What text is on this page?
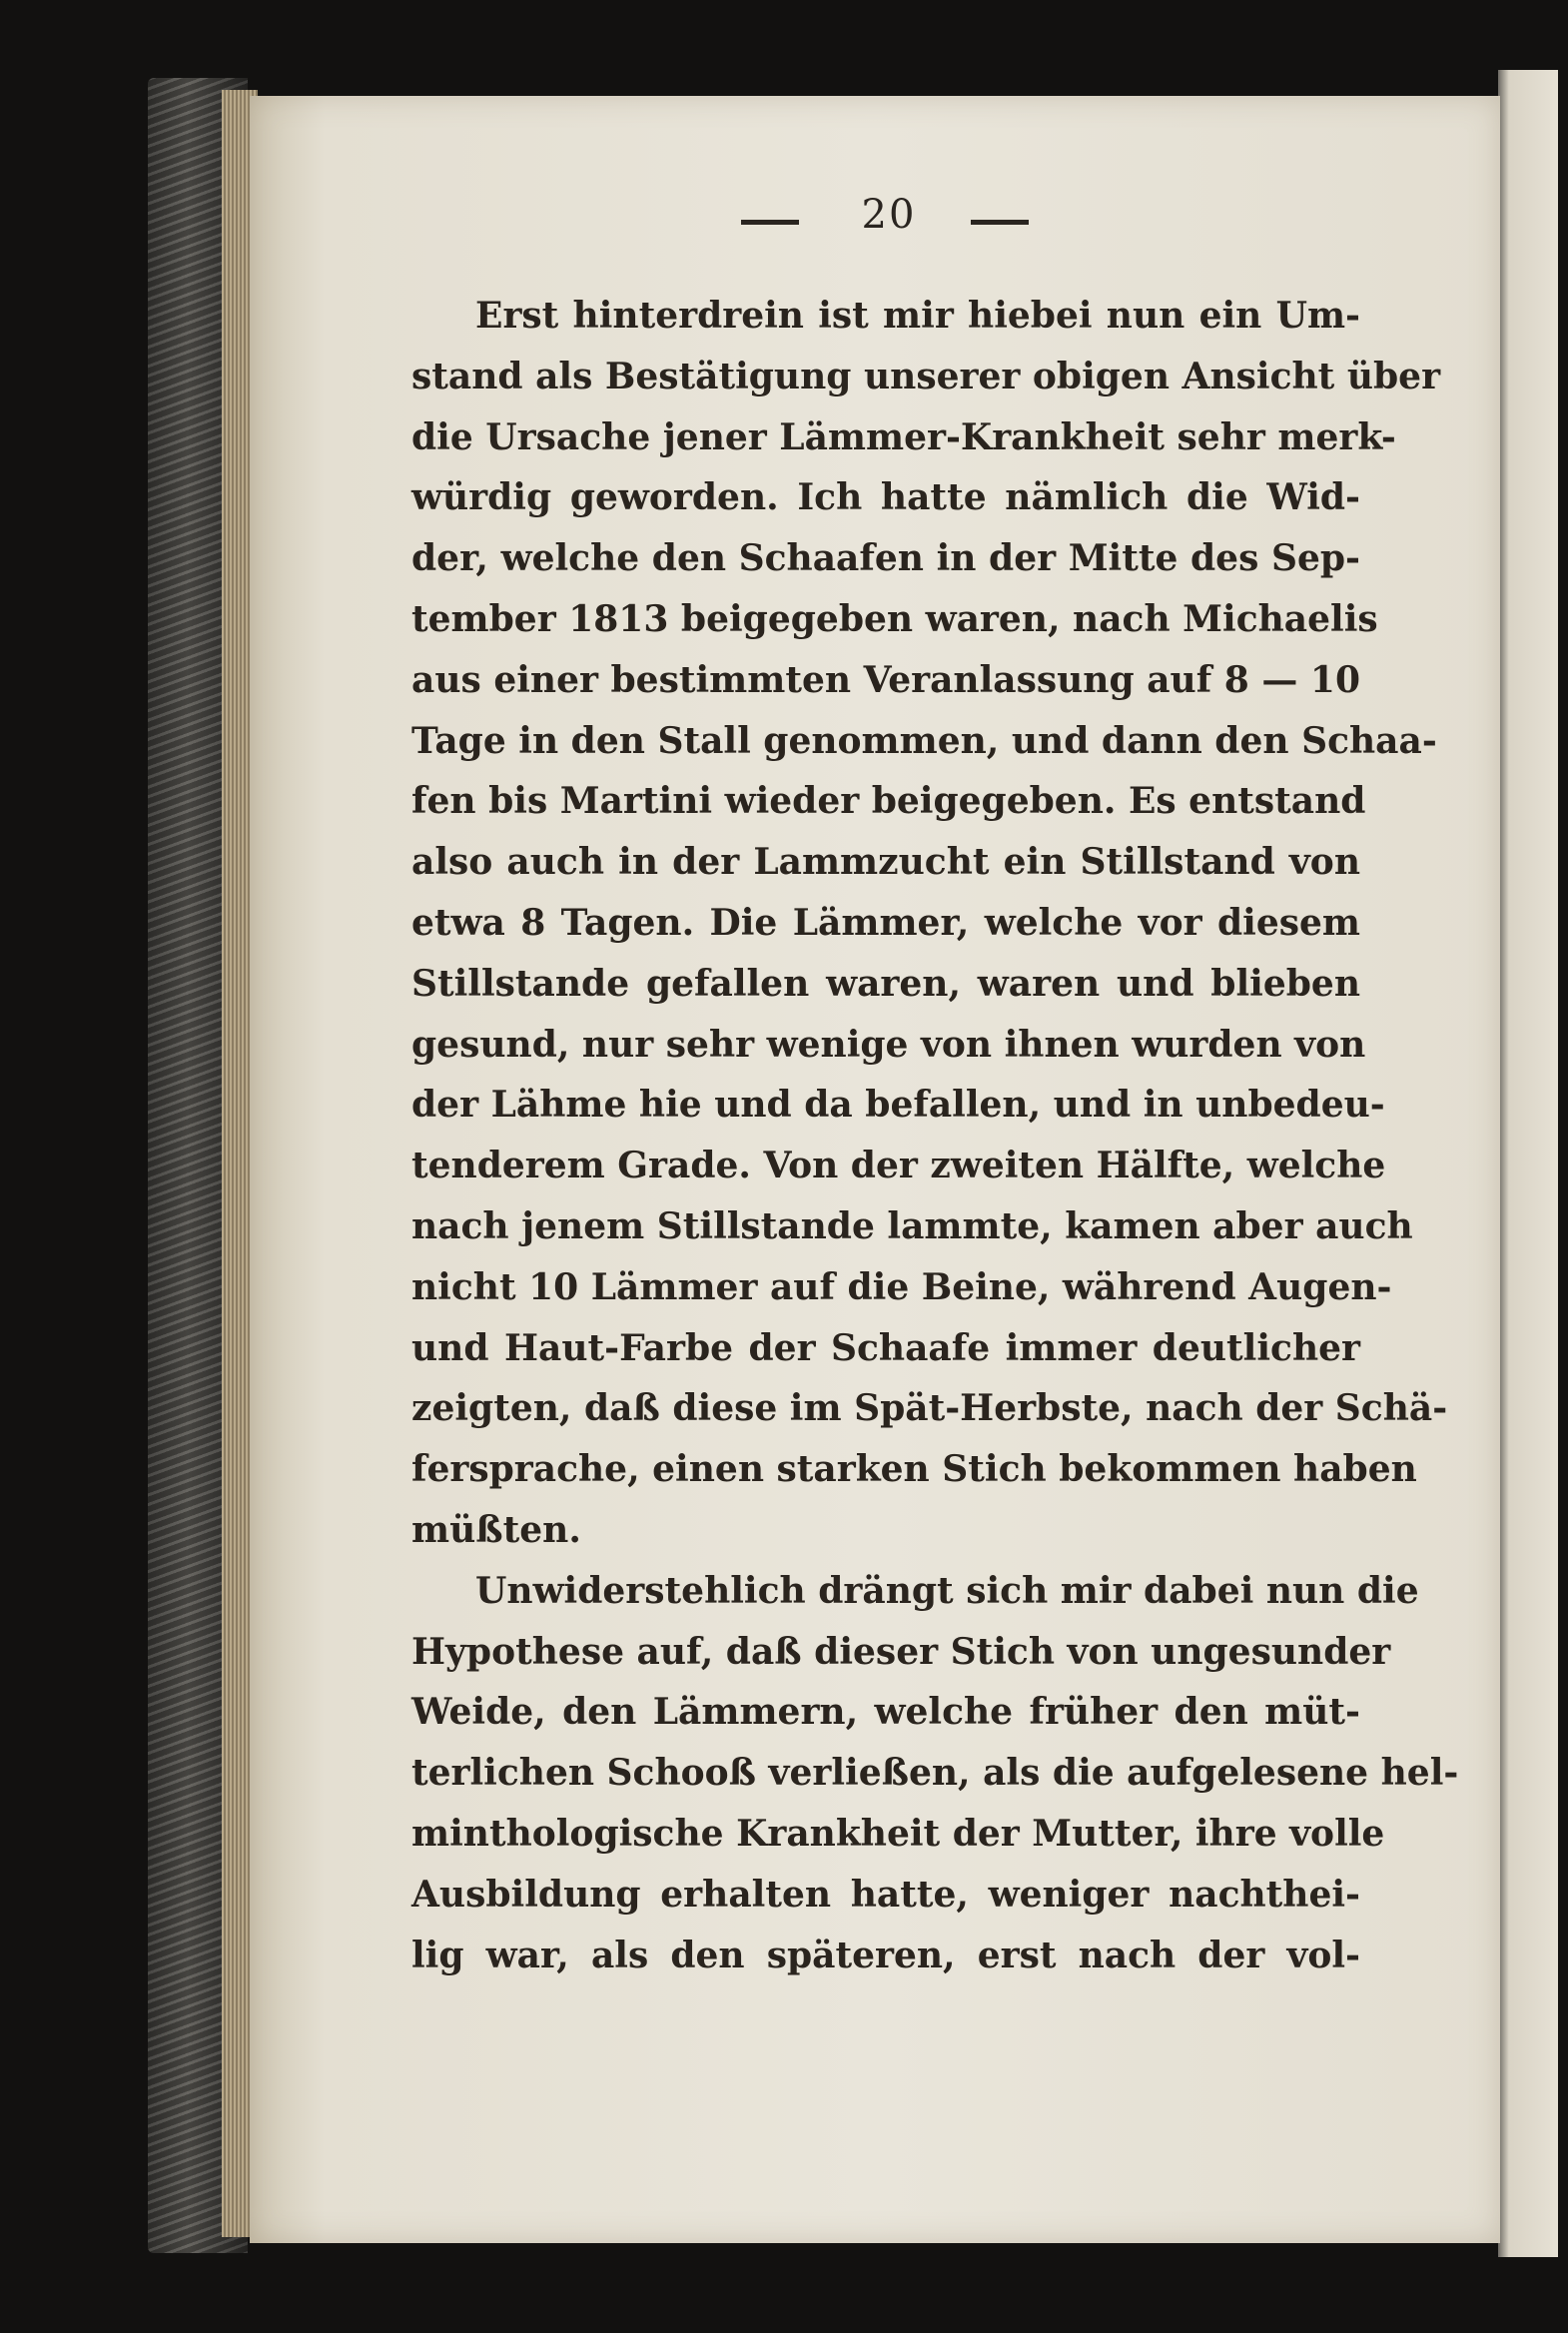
20
Erst hinterdrein ist mir hiebei nun ein Um-
stand als Bestätigung unserer obigen Ansicht über
die Ursache jener Lämmer-Krankheit sehr merk-
würdig geworden. Ich hatte nämlich die Wid-
der, welche den Schaafen in der Mitte des Sep-
tember 1813 beigegeben waren, nach Michaelis
aus einer bestimmten Veranlassung auf 8 — 10
Tage in den Stall genommen, und dann den Schaa-
fen bis Martini wieder beigegeben. Es entstand
also auch in der Lammzucht ein Stillstand von
etwa 8 Tagen. Die Lämmer, welche vor diesem
Stillstande gefallen waren, waren und blieben
gesund, nur sehr wenige von ihnen wurden von
der Lähme hie und da befallen, und in unbedeu-
tenderem Grade. Von der zweiten Hälfte, welche
nach jenem Stillstande lammte, kamen aber auch
nicht 10 Lämmer auf die Beine, während Augen-
und Haut-Farbe der Schaafe immer deutlicher
zeigten, daß diese im Spät-Herbste, nach der Schä-
fersprache, einen starken Stich bekommen haben
müßten.
Unwiderstehlich drängt sich mir dabei nun die
Hypothese auf, daß dieser Stich von ungesunder
Weide, den Lämmern, welche früher den müt-
terlichen Schooß verließen, als die aufgelesene hel-
minthologische Krankheit der Mutter, ihre volle
Ausbildung erhalten hatte, weniger nachthei-
lig war, als den späteren, erst nach der vol-
